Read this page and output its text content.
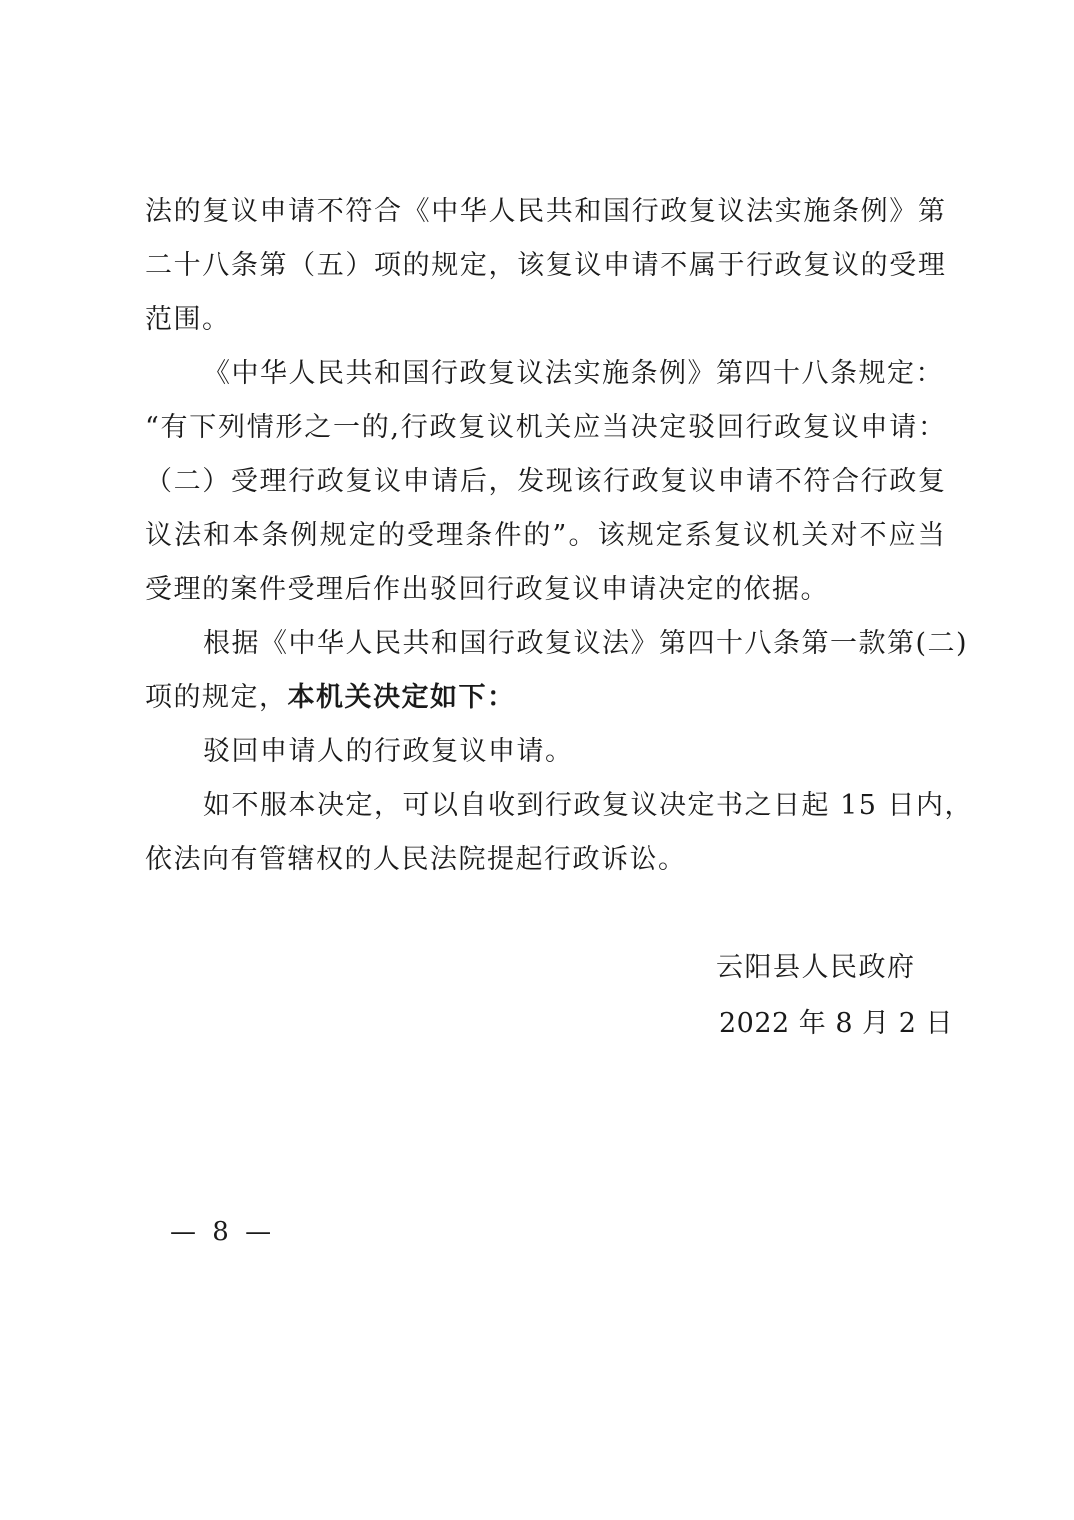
法 的 复 议 申 请 不 符 合 《 中 华 人 民 共 和 国 行 政 复 议 法 实 施 条 例 》 第
二 十 八 条 第 （ 五 ） 项 的 规 定 ， 该 复 议 申 请 不 属 于 行 政 复 议 的 受 理
范围。
《中华人民共和国行政复议法实施条例》第四十八条规定：
“ 有 下 列 情 形 之 一 的 , 行 政 复 议 机 关 应 当 决 定 驳 回 行 政 复 议 申 请 ：
（ 二 ） 受 理 行 政 复 议 申 请 后 ， 发 现 该 行 政 复 议 申 请 不 符 合 行 政 复
议 法 和 本 条 例 规 定 的 受 理 条 件 的 ” 。 该 规 定 系 复 议 机 关 对 不 应 当
受理的案件受理后作出驳回行政复议申请决定的依据。
根据《中华人民共和国行政复议法》第四十八条第一款第(二)
项的规定，本机关决定如下：
驳回申请人的行政复议申请。
如不服本决定，可以自收到行政复议决定书之日起 15 日内，
依法向有管辖权的人民法院提起行政诉讼。
云阳县人民政府
2022 年 8 月 2 日
— 8 —
